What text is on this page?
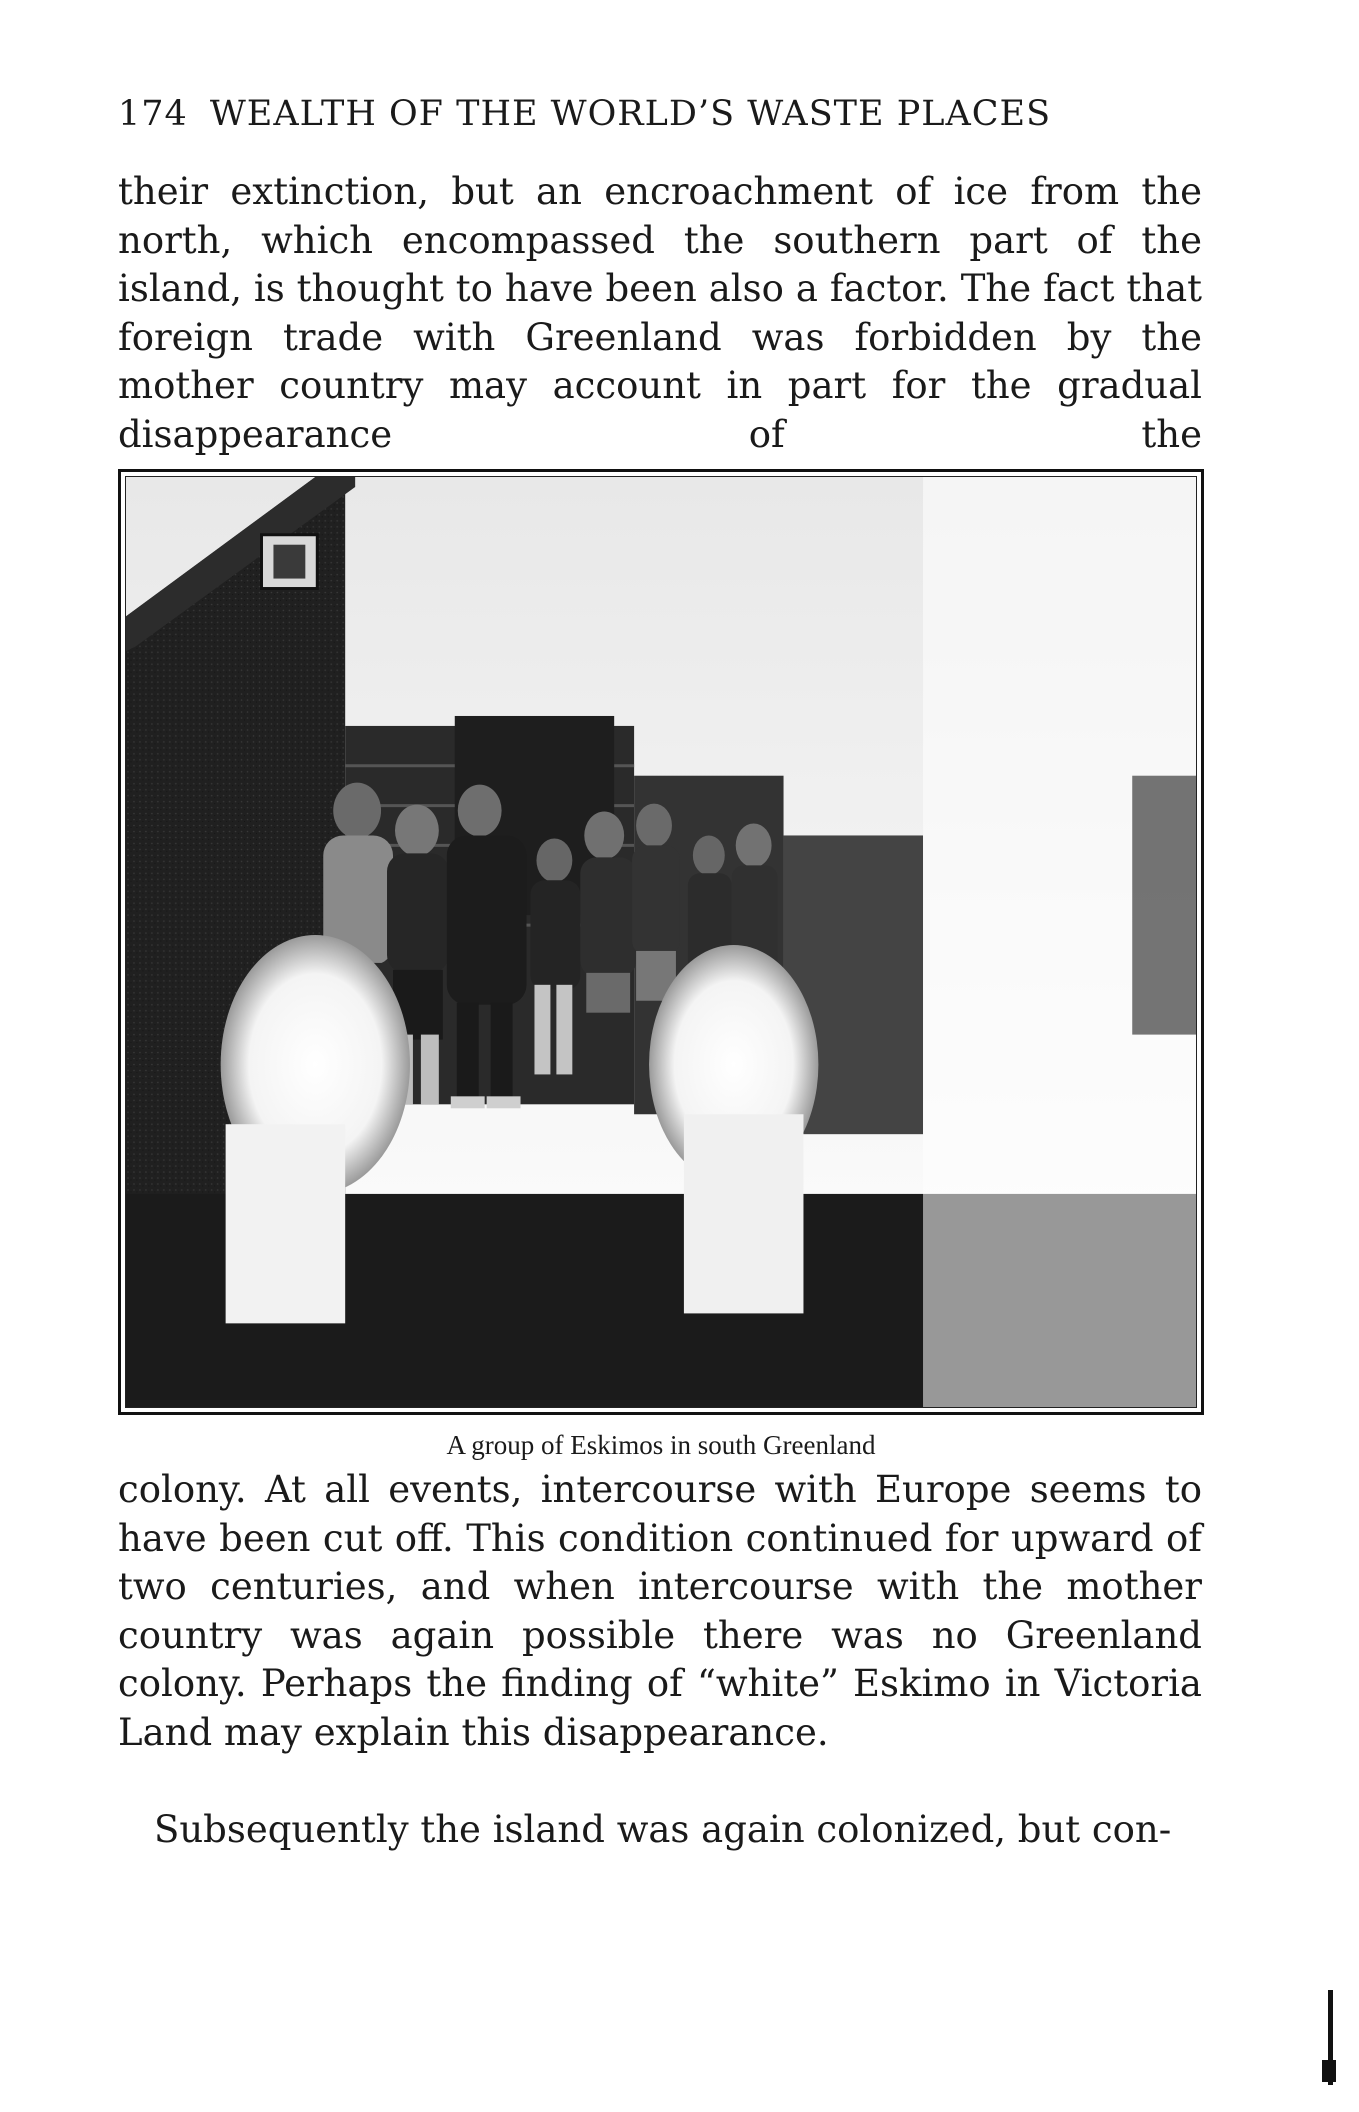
174 WEALTH OF THE WORLD’S WASTE PLACES

their extinction, but an encroachment of ice from the north, which encompassed the southern part of the island, is thought to have been also a factor. The fact that foreign trade with Greenland was forbidden by the mother country may account in part for the gradual disappearance of the

A group of Eskimos in south Greenland

colony. At all events, intercourse with Europe seems to have been cut off. This condition continued for upward of two centuries, and when intercourse with the mother country was again possible there was no Greenland colony. Perhaps the finding of “white” Eskimo in Victoria Land may explain this disappearance.

Subsequently the island was again colonized, but con-
